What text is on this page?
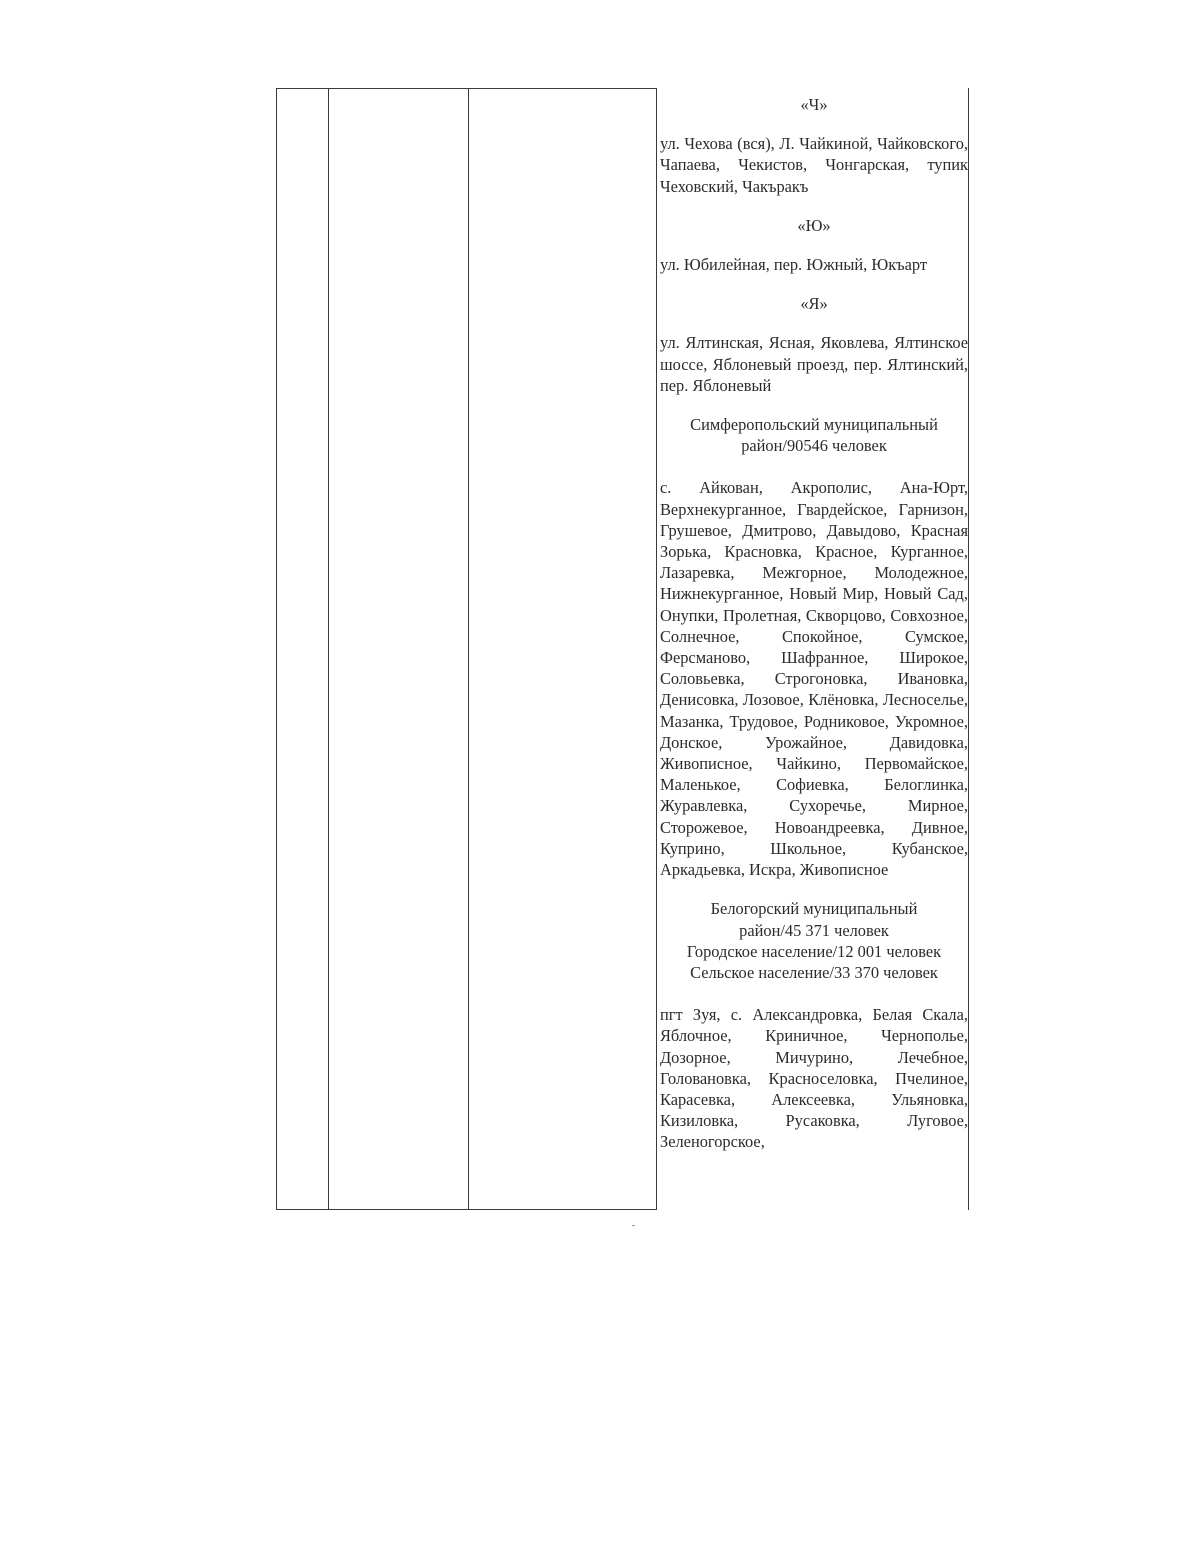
«Ч»
ул. Чехова (вся), Л. Чайкиной, Чайковского, Чапаева, Чекистов, Чонгарская, тупик Чеховский, Чакъракъ
«Ю»
ул. Юбилейная, пер. Южный, Юкъарт
«Я»
ул. Ялтинская, Ясная, Яковлева, Ялтинское шоссе, Яблоневый проезд, пер. Ялтинский, пер. Яблоневый
Симферопольский муниципальный
район/90546 человек
с. Айкован, Акрополис, Ана-Юрт, Верхнекурганное, Гвардейское, Гарнизон, Грушевое, Дмитрово, Давыдово, Красная Зорька, Красновка, Красное, Курганное, Лазаревка, Межгорное, Молодежное, Нижнекурганное, Новый Мир, Новый Сад, Онупки, Пролетная, Скворцово, Совхозное, Солнечное, Спокойное, Сумское, Ферсманово, Шафранное, Широкое, Соловьевка, Строгоновка, Ивановка, Денисовка, Лозовое, Клёновка, Лесноселье, Мазанка, Трудовое, Родниковое, Укромное, Донское, Урожайное, Давидовка, Живописное, Чайкино, Первомайское, Маленькое, Софиевка, Белоглинка, Журавлевка, Сухоречье, Мирное, Сторожевое, Новоандреевка, Дивное, Куприно, Школьное, Кубанское, Аркадьевка, Искра, Живописное
Белогорский муниципальный
район/45 371 человек
Городское население/12 001 человек
Сельское население/33 370 человек
пгт Зуя, с. Александровка, Белая Скала, Яблочное, Криничное, Чернополье, Дозорное, Мичурино, Лечебное, Головановка, Красноселовка, Пчелиное, Карасевка, Алексеевка, Ульяновка, Кизиловка, Русаковка, Луговое, Зеленогорское,
